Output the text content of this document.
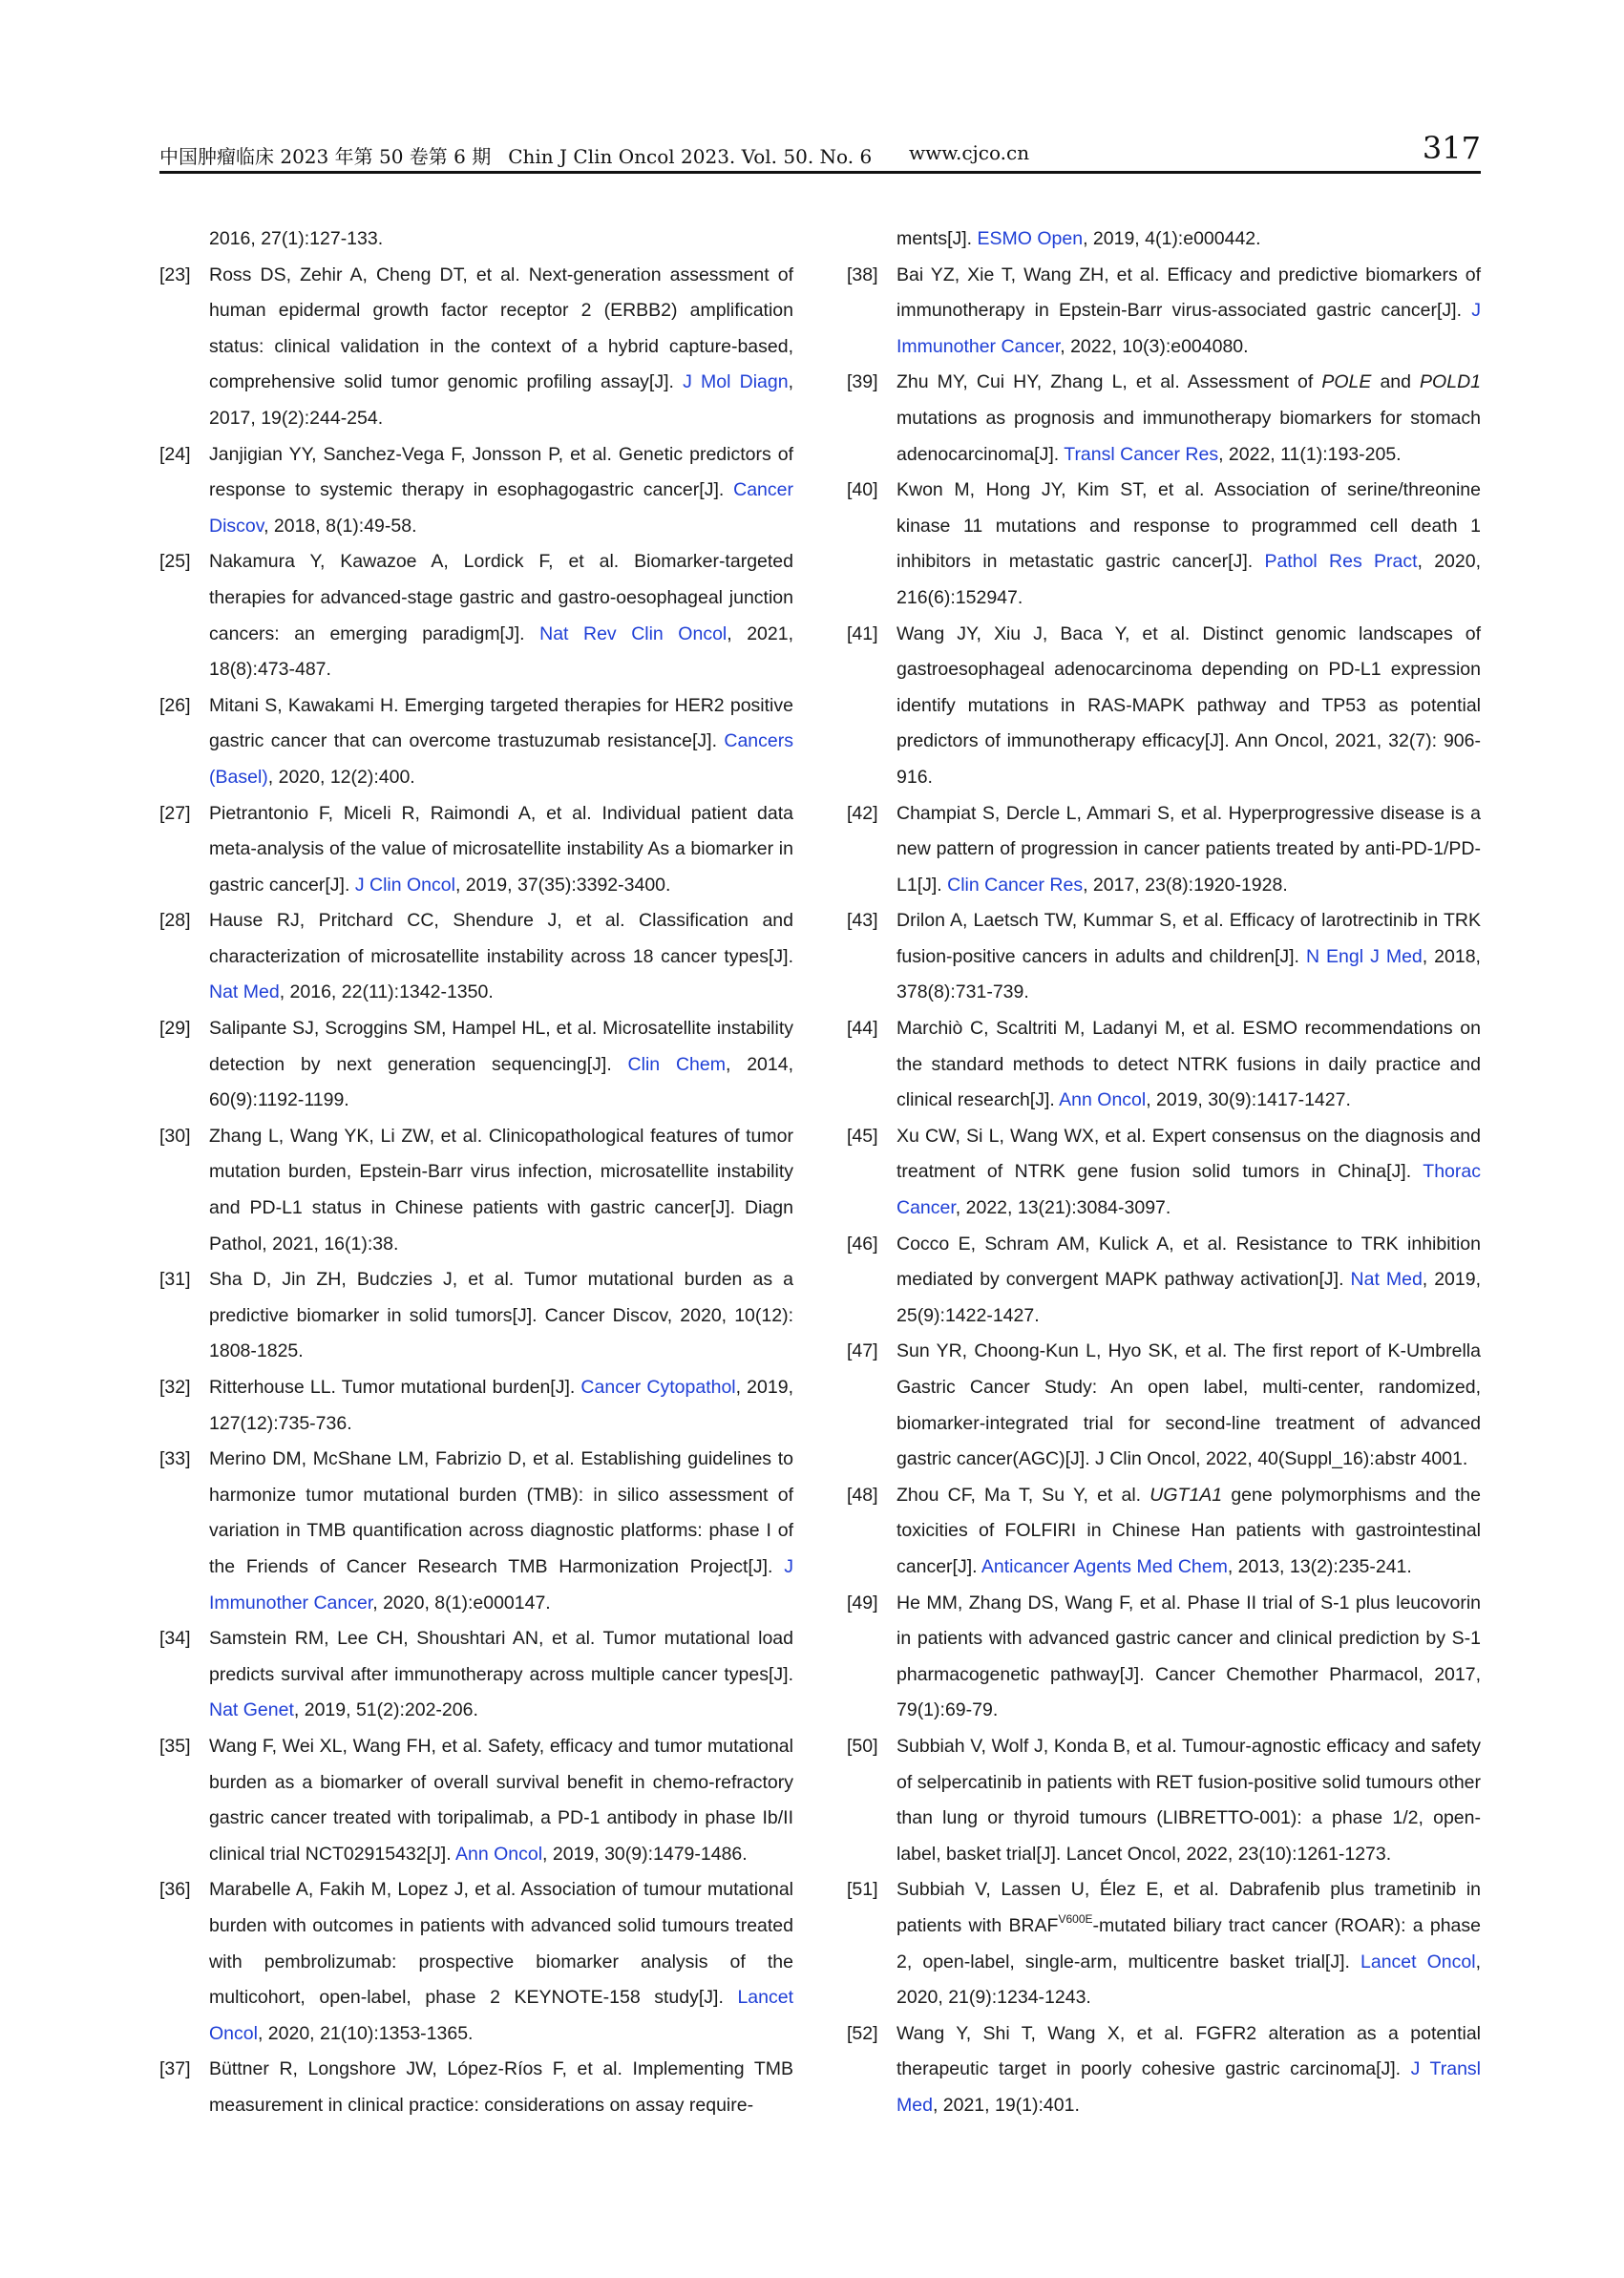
中国肿瘤临床 2023 年第 50 卷第 6 期 Chin J Clin Oncol 2023. Vol. 50. No. 6 www.cjco.cn	317
2016, 27(1):127-133.
[23] Ross DS, Zehir A, Cheng DT, et al. Next-generation assessment of human epidermal growth factor receptor 2 (ERBB2) amplification status: clinical validation in the context of a hybrid capture-based, comprehensive solid tumor genomic profiling assay[J]. J Mol Diagn, 2017, 19(2):244-254.
[24] Janjigian YY, Sanchez-Vega F, Jonsson P, et al. Genetic predictors of response to systemic therapy in esophagogastric cancer[J]. Cancer Discov, 2018, 8(1):49-58.
[25] Nakamura Y, Kawazoe A, Lordick F, et al. Biomarker-targeted therapies for advanced-stage gastric and gastro-oesophageal junction cancers: an emerging paradigm[J]. Nat Rev Clin Oncol, 2021, 18(8):473-487.
[26] Mitani S, Kawakami H. Emerging targeted therapies for HER2 positive gastric cancer that can overcome trastuzumab resistance[J]. Cancers (Basel), 2020, 12(2):400.
[27] Pietrantonio F, Miceli R, Raimondi A, et al. Individual patient data meta-analysis of the value of microsatellite instability As a biomarker in gastric cancer[J]. J Clin Oncol, 2019, 37(35):3392-3400.
[28] Hause RJ, Pritchard CC, Shendure J, et al. Classification and characterization of microsatellite instability across 18 cancer types[J]. Nat Med, 2016, 22(11):1342-1350.
[29] Salipante SJ, Scroggins SM, Hampel HL, et al. Microsatellite instability detection by next generation sequencing[J]. Clin Chem, 2014, 60(9):1192-1199.
[30] Zhang L, Wang YK, Li ZW, et al. Clinicopathological features of tumor mutation burden, Epstein-Barr virus infection, microsatellite instability and PD-L1 status in Chinese patients with gastric cancer[J]. Diagn Pathol, 2021, 16(1):38.
[31] Sha D, Jin ZH, Budczies J, et al. Tumor mutational burden as a predictive biomarker in solid tumors[J]. Cancer Discov, 2020, 10(12): 1808-1825.
[32] Ritterhouse LL. Tumor mutational burden[J]. Cancer Cytopathol, 2019, 127(12):735-736.
[33] Merino DM, McShane LM, Fabrizio D, et al. Establishing guidelines to harmonize tumor mutational burden (TMB): in silico assessment of variation in TMB quantification across diagnostic platforms: phase I of the Friends of Cancer Research TMB Harmonization Project[J]. J Immunother Cancer, 2020, 8(1):e000147.
[34] Samstein RM, Lee CH, Shoushtari AN, et al. Tumor mutational load predicts survival after immunotherapy across multiple cancer types[J]. Nat Genet, 2019, 51(2):202-206.
[35] Wang F, Wei XL, Wang FH, et al. Safety, efficacy and tumor mutational burden as a biomarker of overall survival benefit in chemo-refractory gastric cancer treated with toripalimab, a PD-1 antibody in phase Ib/II clinical trial NCT02915432[J]. Ann Oncol, 2019, 30(9):1479-1486.
[36] Marabelle A, Fakih M, Lopez J, et al. Association of tumour mutational burden with outcomes in patients with advanced solid tumours treated with pembrolizumab: prospective biomarker analysis of the multicohort, open-label, phase 2 KEYNOTE-158 study[J]. Lancet Oncol, 2020, 21(10):1353-1365.
[37] Büttner R, Longshore JW, López-Ríos F, et al. Implementing TMB measurement in clinical practice: considerations on assay require-
ments[J]. ESMO Open, 2019, 4(1):e000442.
[38] Bai YZ, Xie T, Wang ZH, et al. Efficacy and predictive biomarkers of immunotherapy in Epstein-Barr virus-associated gastric cancer[J]. J Immunother Cancer, 2022, 10(3):e004080.
[39] Zhu MY, Cui HY, Zhang L, et al. Assessment of POLE and POLD1 mutations as prognosis and immunotherapy biomarkers for stomach adenocarcinoma[J]. Transl Cancer Res, 2022, 11(1):193-205.
[40] Kwon M, Hong JY, Kim ST, et al. Association of serine/threonine kinase 11 mutations and response to programmed cell death 1 inhibitors in metastatic gastric cancer[J]. Pathol Res Pract, 2020, 216(6):152947.
[41] Wang JY, Xiu J, Baca Y, et al. Distinct genomic landscapes of gastroesophageal adenocarcinoma depending on PD-L1 expression identify mutations in RAS-MAPK pathway and TP53 as potential predictors of immunotherapy efficacy[J]. Ann Oncol, 2021, 32(7): 906-916.
[42] Champiat S, Dercle L, Ammari S, et al. Hyperprogressive disease is a new pattern of progression in cancer patients treated by anti-PD-1/PD-L1[J]. Clin Cancer Res, 2017, 23(8):1920-1928.
[43] Drilon A, Laetsch TW, Kummar S, et al. Efficacy of larotrectinib in TRK fusion-positive cancers in adults and children[J]. N Engl J Med, 2018, 378(8):731-739.
[44] Marchiò C, Scaltriti M, Ladanyi M, et al. ESMO recommendations on the standard methods to detect NTRK fusions in daily practice and clinical research[J]. Ann Oncol, 2019, 30(9):1417-1427.
[45] Xu CW, Si L, Wang WX, et al. Expert consensus on the diagnosis and treatment of NTRK gene fusion solid tumors in China[J]. Thorac Cancer, 2022, 13(21):3084-3097.
[46] Cocco E, Schram AM, Kulick A, et al. Resistance to TRK inhibition mediated by convergent MAPK pathway activation[J]. Nat Med, 2019, 25(9):1422-1427.
[47] Sun YR, Choong-Kun L, Hyo SK, et al. The first report of K-Umbrella Gastric Cancer Study: An open label, multi-center, randomized, biomarker-integrated trial for second-line treatment of advanced gastric cancer(AGC)[J]. J Clin Oncol, 2022, 40(Suppl_16):abstr 4001.
[48] Zhou CF, Ma T, Su Y, et al. UGT1A1 gene polymorphisms and the toxicities of FOLFIRI in Chinese Han patients with gastrointestinal cancer[J]. Anticancer Agents Med Chem, 2013, 13(2):235-241.
[49] He MM, Zhang DS, Wang F, et al. Phase II trial of S-1 plus leucovorin in patients with advanced gastric cancer and clinical prediction by S-1 pharmacogenetic pathway[J]. Cancer Chemother Pharmacol, 2017, 79(1):69-79.
[50] Subbiah V, Wolf J, Konda B, et al. Tumour-agnostic efficacy and safety of selpercatinib in patients with RET fusion-positive solid tumours other than lung or thyroid tumours (LIBRETTO-001): a phase 1/2, open-label, basket trial[J]. Lancet Oncol, 2022, 23(10):1261-1273.
[51] Subbiah V, Lassen U, Élez E, et al. Dabrafenib plus trametinib in patients with $BRAF^{V600E}$-mutated biliary tract cancer (ROAR): a phase 2, open-label, single-arm, multicentre basket trial[J]. Lancet Oncol, 2020, 21(9):1234-1243.
[52] Wang Y, Shi T, Wang X, et al. FGFR2 alteration as a potential therapeutic target in poorly cohesive gastric carcinoma[J]. J Transl Med, 2021, 19(1):401.
